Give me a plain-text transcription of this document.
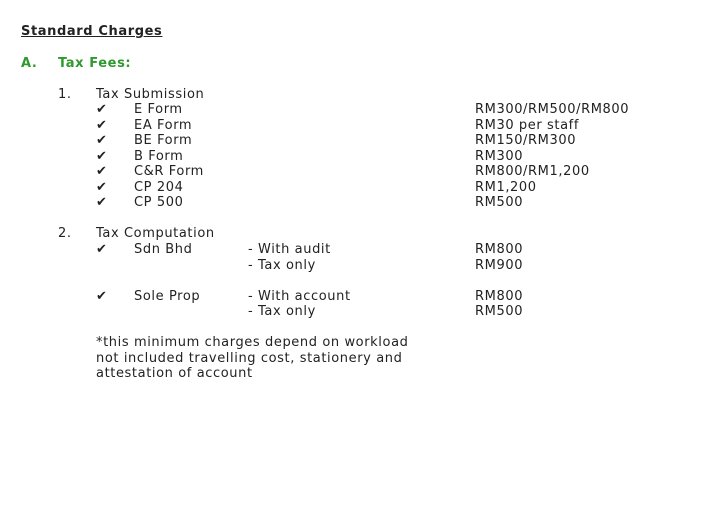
Standard Charges
A. Tax Fees:
1. Tax Submission
✔ E Form	RM300/RM500/RM800
✔ EA Form	RM30 per staff
✔ BE Form	RM150/RM300
✔ B Form	RM300
✔ C&R Form	RM800/RM1,200
✔ CP 204	RM1,200
✔ CP 500	RM500
2. Tax Computation
✔ Sdn Bhd	- With audit	RM800
- Tax only	RM900
✔ Sole Prop	- With account	RM800
- Tax only	RM500
*this minimum charges depend on workload
not included travelling cost, stationery and
attestation of account
